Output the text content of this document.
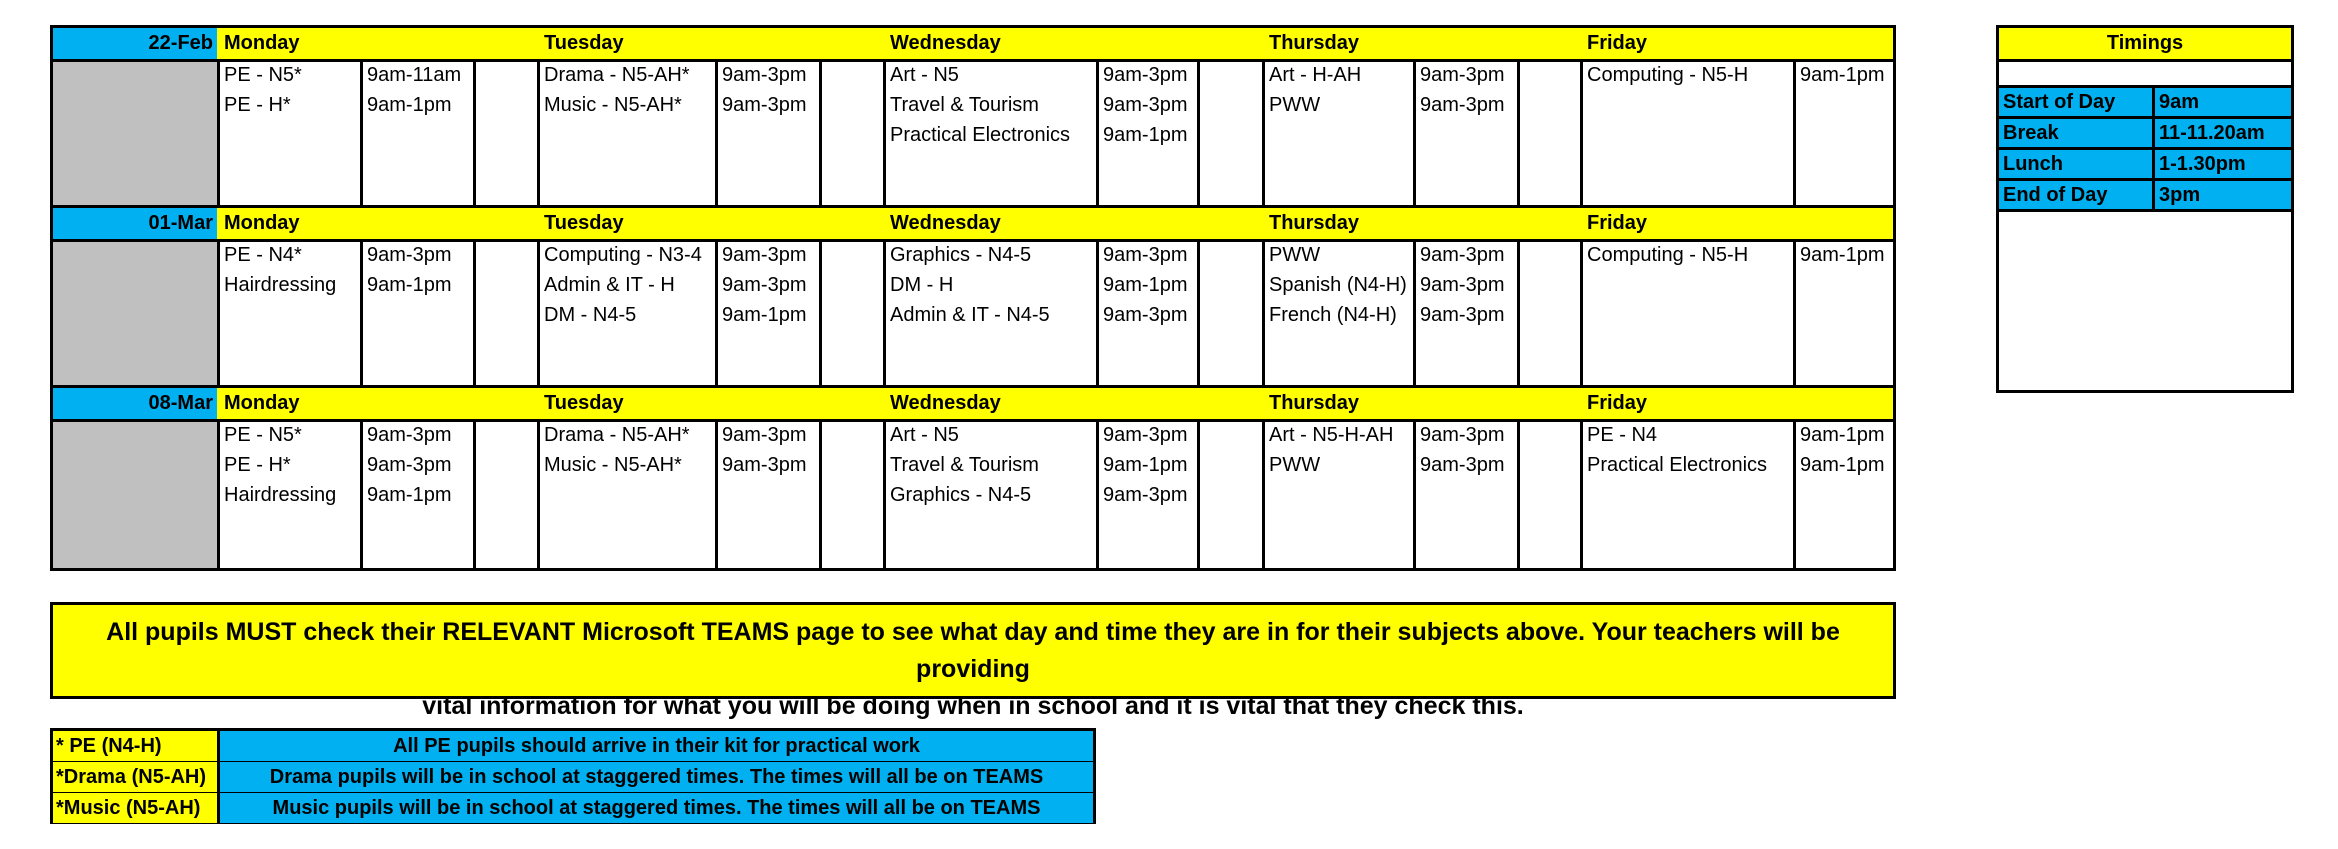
22-Feb Monday
PE - N5*	9am-11am
PE - H*	9am-1pm
Tuesday
Drama - N5-AH* 9am-3pm
Music - N5-AH* 9am-3pm
Wednesday
Art - N5	9am-3pm
Travel & Tourism	9am-3pm
Practical Electronics 9am-1pm
Thursday
Art - H-AH	9am-3pm
PWW	9am-3pm
Friday
Computing - N5-H	9am-1pm
01-Mar Monday
PE - N4*	9am-3pm
Hairdressing 9am-1pm
Tuesday
Computing - N3-4 9am-3pm
Admin & IT - H 9am-3pm
DM - N4-5	9am-1pm
Wednesday
Graphics - N4-5	9am-3pm
DM - H	9am-1pm
Admin & IT - N4-5	9am-3pm
Thursday
PWW	9am-3pm
Spanish (N4-H) 9am-3pm
French (N4-H) 9am-3pm
Friday
Computing - N5-H	9am-1pm
08-Mar Monday
PE - N5*	9am-3pm
PE - H*	9am-3pm
Hairdressing 9am-1pm
Tuesday
Drama - N5-AH* 9am-3pm
Music - N5-AH* 9am-3pm
Wednesday
Art - N5	9am-3pm
Travel & Tourism	9am-1pm
Graphics - N4-5	9am-3pm
Thursday
Art - N5-H-AH 9am-3pm
PWW	9am-3pm
Friday
PE - N4	9am-1pm
Practical Electronics 9am-1pm
Timings
Start of Day 9am
Break	11-11.20am
Lunch	1-1.30pm
End of Day	3pm
All pupils MUST check their RELEVANT Microsoft TEAMS page to see what day and time they are in for their subjects above. Your teachers will be providing
vital information for what you will be doing when in school and it is vital that they check this.
* PE (N4-H)	All PE pupils should arrive in their kit for practical work
*Drama (N5-AH)	Drama pupils will be in school at staggered times. The times will all be on TEAMS
*Music (N5-AH)	Music pupils will be in school at staggered times. The times will all be on TEAMS
